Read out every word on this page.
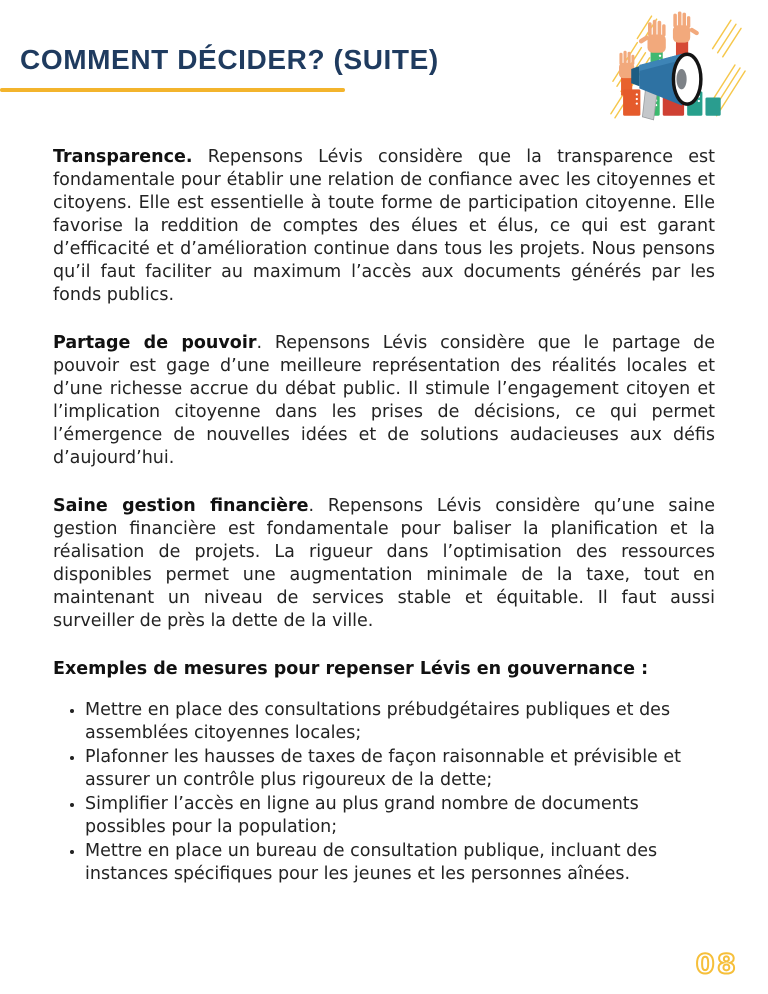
COMMENT DÉCIDER? (SUITE)

Transparence. Repensons Lévis considère que la transparence est fondamentale pour établir une relation de confiance avec les citoyennes et citoyens. Elle est essentielle à toute forme de participation citoyenne. Elle favorise la reddition de comptes des élues et élus, ce qui est garant d’efficacité et d’amélioration continue dans tous les projets. Nous pensons qu’il faut faciliter au maximum l’accès aux documents générés par les fonds publics.

Partage de pouvoir. Repensons Lévis considère que le partage de pouvoir est gage d’une meilleure représentation des réalités locales et d’une richesse accrue du débat public. Il stimule l’engagement citoyen et l’implication citoyenne dans les prises de décisions, ce qui permet l’émergence de nouvelles idées et de solutions audacieuses aux défis d’aujourd’hui.

Saine gestion financière. Repensons Lévis considère qu’une saine gestion financière est fondamentale pour baliser la planification et la réalisation de projets. La rigueur dans l’optimisation des ressources disponibles permet une augmentation minimale de la taxe, tout en maintenant un niveau de services stable et équitable. Il faut aussi surveiller de près la dette de la ville.

Exemples de mesures pour repenser Lévis en gouvernance :

• Mettre en place des consultations prébudgétaires publiques et des assemblées citoyennes locales;
• Plafonner les hausses de taxes de façon raisonnable et prévisible et assurer un contrôle plus rigoureux de la dette;
• Simplifier l’accès en ligne au plus grand nombre de documents possibles pour la population;
• Mettre en place un bureau de consultation publique, incluant des instances spécifiques pour les jeunes et les personnes aînées.
08
